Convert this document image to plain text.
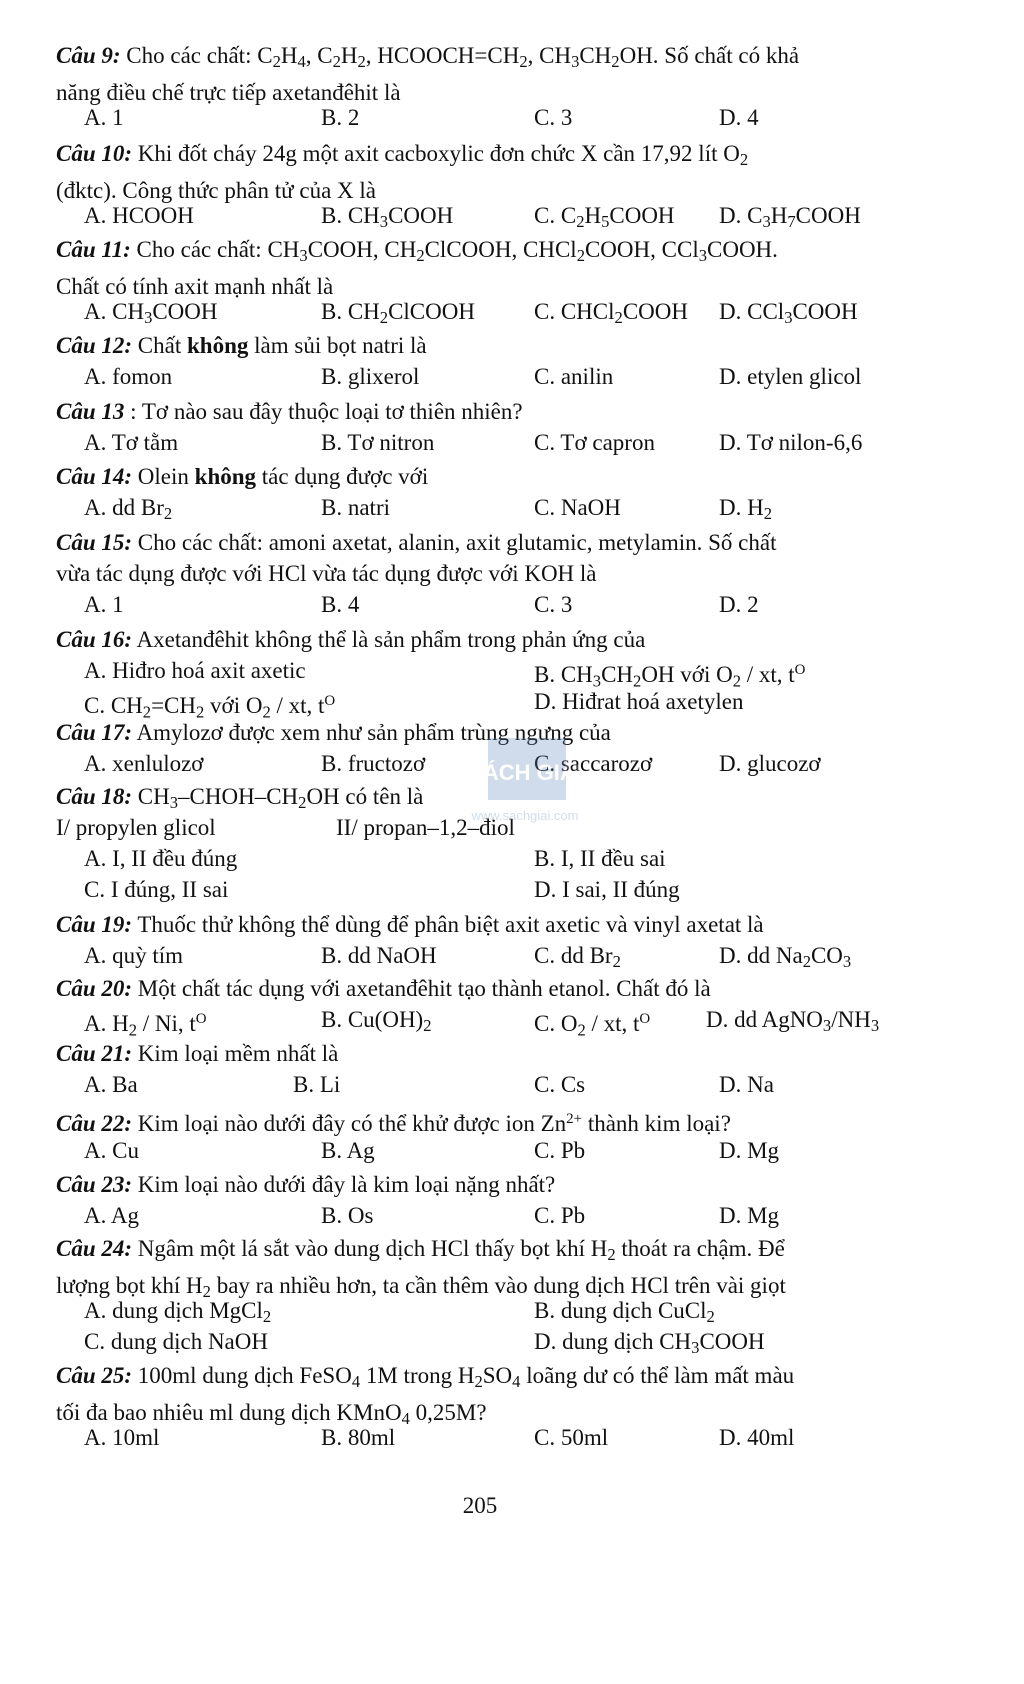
Câu 9: Cho các chất: $C_2H_4$, $C_2H_2$, $HCOOCH=CH_2$, $CH_3CH_2OH$. Số chất có khả
năng điều chế trực tiếp axetanđêhit là
A. 1	B. 2	C. 3	D. 4
Câu 10: Khi đốt cháy 24g một axit cacboxylic đơn chức X cần 17,92 lít $O_2$
(đktc). Công thức phân tử của X là
A. HCOOH	B. $CH_3COOH$	C. $C_2H_5COOH$ D. $C_3H_7COOH$
Câu 11: Cho các chất: $CH_3COOH$, $CH_2ClCOOH$, CHCl$_2$COOH, CCl$_3$COOH.
Chất có tính axit mạnh nhất là
A. $CH_3COOH$	B. $CH_2ClCOOH$	C. CHCl$_2$COOH D. CCl$_3$COOH
Câu 12: Chất không làm sủi bọt natri là
A. fomon	B. glixerol	C. anilin	D. etylen glicol
Câu 13 : Tơ nào sau đây thuộc loại tơ thiên nhiên?
A. Tơ tằm	B. Tơ nitron	C. Tơ capron	D. Tơ nilon-6,6
Câu 14: Olein không tác dụng được với
A. dd $Br_2$	B. natri	C. NaOH	D. $H_2$
Câu 15: Cho các chất: amoni axetat, alanin, axit glutamic, metylamin. Số chất
vừa tác dụng được với HCl vừa tác dụng được với KOH là
A. 1	B. 4	C. 3	D. 2
Câu 16: Axetanđêhit không thể là sản phẩm trong phản ứng của
A. Hiđro hoá axit axetic	B. $CH_3CH_2OH$ với $O_2$ / xt, $t^O$
C. $CH_2=CH_2$ với $O_2$ / xt, $t^O$	D. Hiđrat hoá axetylen
Câu 17: Amylozơ được xem như sản phẩm trùng ngưng của
A. xenlulozơ	B. fructozơ	C. saccarozơ	D. glucozơ
Câu 18: $CH_3-CHOH-CH_2OH$ có tên là
I/ propylen glicol	II/ propan–1,2–điol
A. I, II đều đúng	B. I, II đều sai
C. I đúng, II sai	D. I sai, II đúng
Câu 19: Thuốc thử không thể dùng để phân biệt axit axetic và vinyl axetat là
A. quỳ tím	B. dd NaOH	C. dd $Br_2$	D. dd $Na_2CO_3$
Câu 20: Một chất tác dụng với axetanđêhit tạo thành etanol. Chất đó là
A. $H_2$ / Ni, $t^O$	B. $Cu(OH)_2$	C. $O_2$ / xt, $t^O$ D. dd $AgNO_3/NH_3$
Câu 21: Kim loại mềm nhất là
A. Ba	B. Li	C. Cs	D. Na
Câu 22: Kim loại nào dưới đây có thể khử được ion $Zn^{2+}$ thành kim loại?
A. Cu	B. Ag	C. Pb	D. Mg
Câu 23: Kim loại nào dưới đây là kim loại nặng nhất?
A. Ag	B. Os	C. Pb	D. Mg
Câu 24: Ngâm một lá sắt vào dung dịch HCl thấy bọt khí $H_2$ thoát ra chậm. Để
lượng bọt khí $H_2$ bay ra nhiều hơn, ta cần thêm vào dung dịch HCl trên vài giọt
A. dung dịch MgCl$_2$	B. dung dịch CuCl$_2$
C. dung dịch NaOH	D. dung dịch $CH_3COOH$
Câu 25: 100ml dung dịch FeSO$_4$ 1M trong $H_2SO_4$ loãng dư có thể làm mất màu
tối đa bao nhiêu ml dung dịch KMnO$_4$ 0,25M?
A. 10ml	B. 80ml	C. 50ml	D. 40ml
SÁCH GIẢI
www.sachgiai.com
205
